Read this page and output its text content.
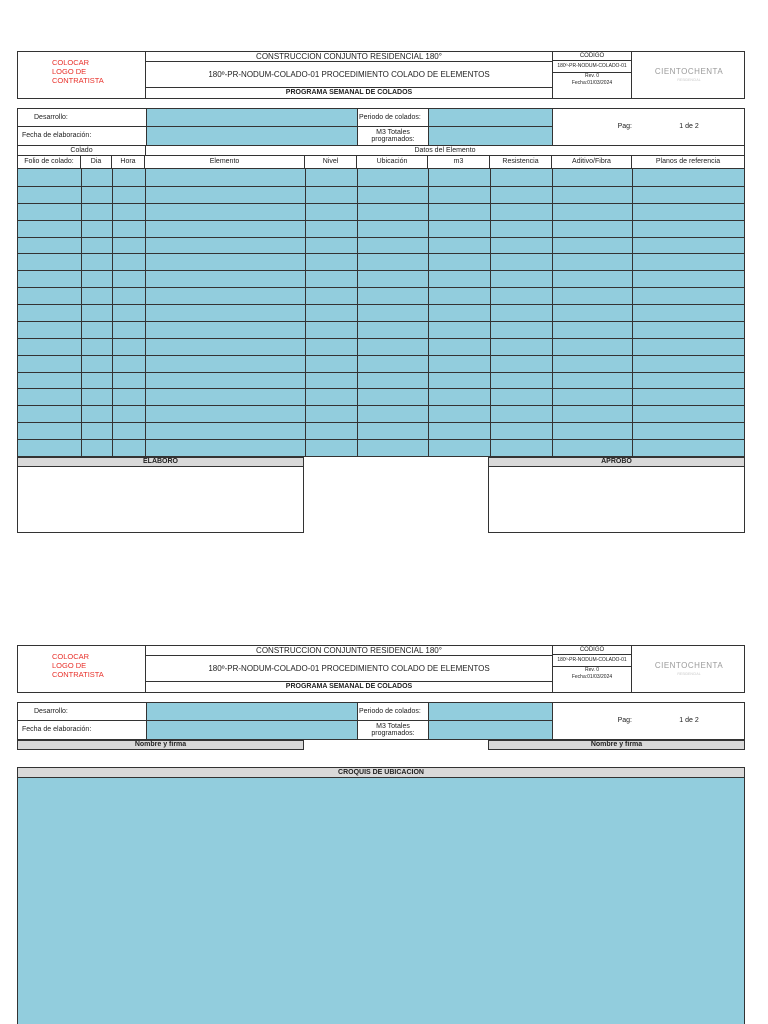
COLOCAR
LOGO DE
CONTRATISTA
CONSTRUCCION CONJUNTO RESIDENCIAL 180°
180º-PR-NODUM-COLADO-01 PROCEDIMIENTO COLADO DE ELEMENTOS
PROGRAMA SEMANAL DE COLADOS
CODIGO
180º-PR-NODUM-COLADO-01
Rev. 0
Fecha:01/03/2024
CIENTOCHENTA
RESIDENCIAL
Desarrollo:
Fecha de elaboración:
Periodo de colados:
M3 Totales programados:
Pag:	1 de 2
Colado	Datos del Elemento
Folio de colado:	Dia	Hora	Elemento	Nivel	Ubicación	m3	Resistencia	Aditivo/Fibra	Planos de referencia
ELABORO	APROBO
COLOCAR
LOGO DE
CONTRATISTA
CONSTRUCCION CONJUNTO RESIDENCIAL 180°
180º-PR-NODUM-COLADO-01 PROCEDIMIENTO COLADO DE ELEMENTOS
PROGRAMA SEMANAL DE COLADOS
CODIGO
180º-PR-NODUM-COLADO-01
Rev. 0
Fecha:01/03/2024
CIENTOCHENTA
RESIDENCIAL
Desarrollo:
Fecha de elaboración:
Periodo de colados:
M3 Totales programados:
Pag:	1 de 2
Nombre y firma	Nombre y firma
CROQUIS DE UBICACION
